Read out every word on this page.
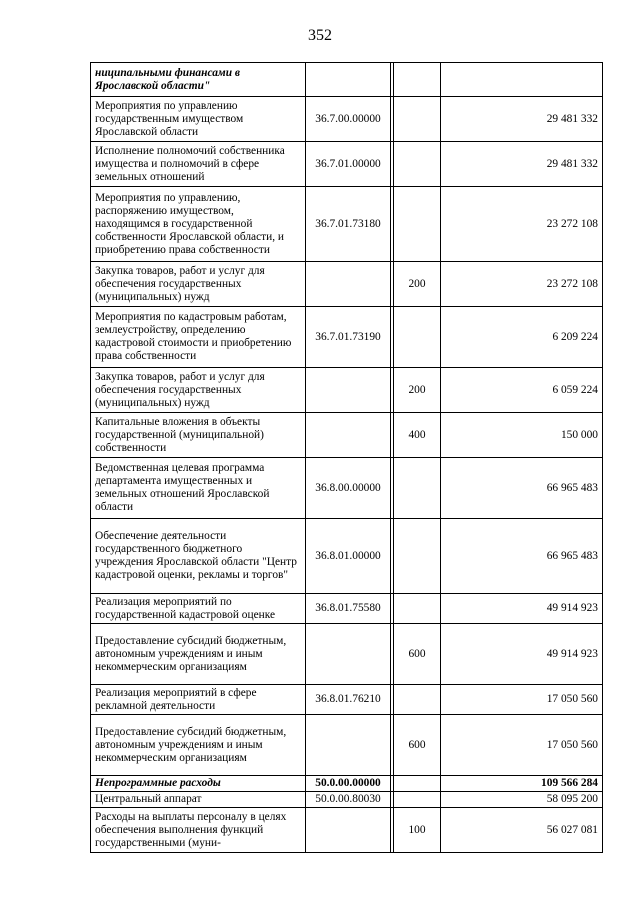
352
ниципальными финансами в Ярославской области"				
Мероприятия по управлению государственным имуществом Ярославской области	36.7.00.00000			29 481 332
Исполнение полномочий собственника имущества и полномочий в сфере земельных отношений	36.7.01.00000			29 481 332
Мероприятия по управлению, распоряжению имуществом, находящимся в государственной собственности Ярославской области, и приобретению права собственности	36.7.01.73180			23 272 108
Закупка товаров, работ и услуг для обеспечения государственных (муниципальных) нужд			200	23 272 108
Мероприятия по кадастровым работам, землеустройству, определению кадастровой стоимости и приобретению права собственности	36.7.01.73190			6 209 224
Закупка товаров, работ и услуг для обеспечения государственных (муниципальных) нужд			200	6 059 224
Капитальные вложения в объекты государственной (муниципальной) собственности			400	150 000
Ведомственная целевая программа департамента имущественных и земельных отношений Ярославской области	36.8.00.00000			66 965 483
Обеспечение деятельности государственного бюджетного учреждения Ярославской области "Центр кадастровой оценки, рекламы и торгов"	36.8.01.00000			66 965 483
Реализация мероприятий по государственной кадастровой оценке	36.8.01.75580			49 914 923
Предоставление субсидий бюджетным, автономным учреждениям и иным некоммерческим организациям			600	49 914 923
Реализация мероприятий в сфере рекламной деятельности	36.8.01.76210			17 050 560
Предоставление субсидий бюджетным, автономным учреждениям и иным некоммерческим организациям			600	17 050 560
Непрограммные расходы	50.0.00.00000			109 566 284
Центральный аппарат	50.0.00.80030			58 095 200
Расходы на выплаты персоналу в целях обеспечения выполнения функций государственными (муни-			100	56 027 081
